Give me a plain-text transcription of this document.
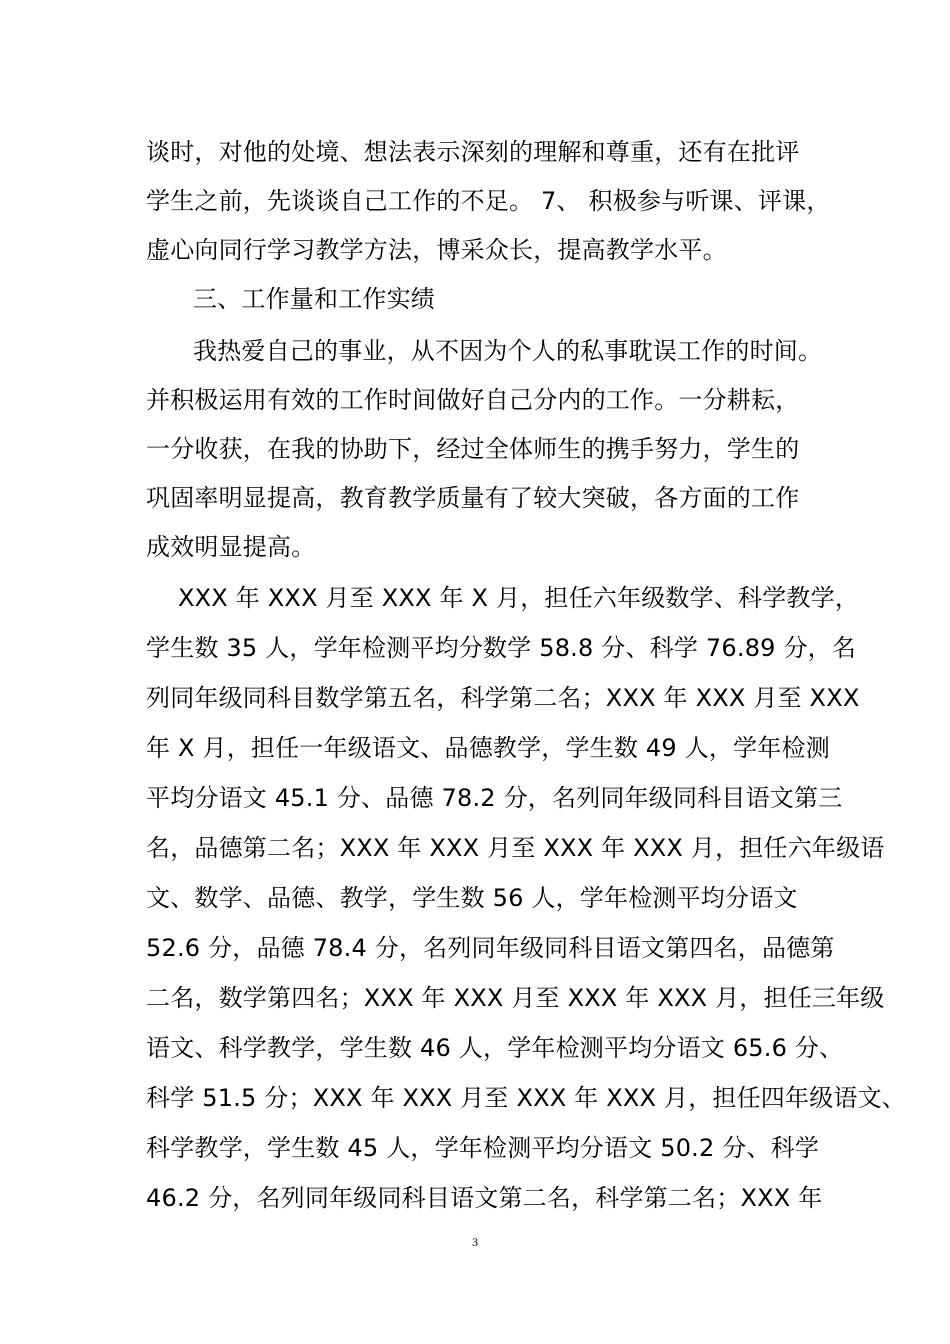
谈时，对他的处境、想法表示深刻的理解和尊重，还有在批评
学生之前，先谈谈自己工作的不足。 7、 积极参与听课、评课，
虚心向同行学习教学方法，博采众长，提高教学水平。
三、工作量和工作实绩
我热爱自己的事业，从不因为个人的私事耽误工作的时间。
并积极运用有效的工作时间做好自己分内的工作。一分耕耘，
一分收获，在我的协助下，经过全体师生的携手努力，学生的
巩固率明显提高，教育教学质量有了较大突破，各方面的工作
成效明显提高。
XXX 年 XXX 月至 XXX 年 X 月，担任六年级数学、科学教学，
学生数 35 人，学年检测平均分数学 58.8 分、科学 76.89 分，名
列同年级同科目数学第五名，科学第二名；XXX 年 XXX 月至 XXX
年 X 月，担任一年级语文、品德教学，学生数 49 人，学年检测
平均分语文 45.1 分、品德 78.2 分，名列同年级同科目语文第三
名，品德第二名；XXX 年 XXX 月至 XXX 年 XXX 月，担任六年级语
文、数学、品德、教学，学生数 56 人，学年检测平均分语文
52.6 分，品德 78.4 分，名列同年级同科目语文第四名，品德第
二名，数学第四名；XXX 年 XXX 月至 XXX 年 XXX 月，担任三年级
语文、科学教学，学生数 46 人，学年检测平均分语文 65.6 分、
科学 51.5 分；XXX 年 XXX 月至 XXX 年 XXX 月，担任四年级语文、
科学教学，学生数 45 人，学年检测平均分语文 50.2 分、科学
46.2 分，名列同年级同科目语文第二名，科学第二名；XXX 年
3
